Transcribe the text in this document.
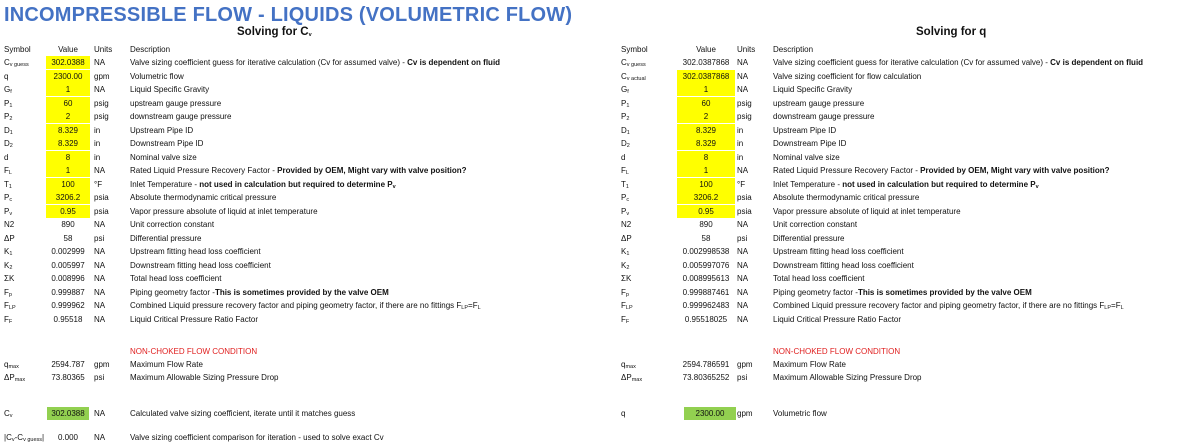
INCOMPRESSIBLE FLOW - LIQUIDS (VOLUMETRIC FLOW)
Solving for $C_v$
Symbol	Value	Units Description
$C_{v guess}$	302.0388	NA	Valve sizing coefficient guess for iterative calculation (Cv for assumed valve) - Cv is dependent on fluid
q	2300.00	gpm	Volumetric flow
$G_f$	1	NA	Liquid Specific Gravity
$P_1$	60	psig	upstream gauge pressure
$P_2$	2	psig	downstream gauge pressure
$D_1$	8.329	in	Upstream Pipe ID
$D_2$	8.329	in	Downstream Pipe ID
d	8	in	Nominal valve size
$F_L$	1	NA	Rated Liquid Pressure Recovery Factor - Provided by OEM, Might vary with valve position?
$T_1$	100	°F	Inlet Temperature - not used in calculation but required to determine $P_v$
$P_c$	3206.2	psia	Absolute thermodynamic critical pressure
$P_v$	0.95	psia	Vapor pressure absolute of liquid at inlet temperature
N2	890	NA	Unit correction constant
ΔP	58	psi	Differential pressure
$K_1$	0.002999	NA	Upstream fitting head loss coefficient
$K_2$	0.005997	NA	Downstream fitting head loss coefficient
ΣK	0.008996	NA	Total head loss coefficient
$F_p$	0.999887	NA	Piping geometry factor -This is sometimes provided by the valve OEM
$F_{LP}$	0.999962	NA	Combined Liquid pressure recovery factor and piping geometry factor, if there are no fittings $F_{LP}=F_L$
$F_F$	0.95518	NA	Liquid Critical Pressure Ratio Factor
NON-CHOKED FLOW CONDITION
$q_{max}$	2594.787	gpm	Maximum Flow Rate
$\Delta P_{max}$	73.80365	psi	Maximum Allowable Sizing Pressure Drop
$C_v$	302.0388	NA	Calculated valve sizing coefficient, iterate until it matches guess
$|C_v-C_{v guess}|$	0.000	NA	Valve sizing coefficient comparison for iteration - used to solve exact Cv
Solving for q
Symbol	Value	Units Description
$C_{v guess}$	302.0387868 NA	Valve sizing coefficient guess for iterative calculation (Cv for assumed valve) - Cv is dependent on fluid
$C_{v actual}$	302.0387868 NA	Valve sizing coefficient for flow calculation
$G_f$	1	NA	Liquid Specific Gravity
$P_1$	60	psig	upstream gauge pressure
$P_2$	2	psig	downstream gauge pressure
$D_1$	8.329	in	Upstream Pipe ID
$D_2$	8.329	in	Downstream Pipe ID
d	8	in	Nominal valve size
$F_L$	1	NA	Rated Liquid Pressure Recovery Factor - Provided by OEM, Might vary with valve position?
$T_1$	100	°F	Inlet Temperature - not used in calculation but required to determine $P_v$
$P_c$	3206.2	psia	Absolute thermodynamic critical pressure
$P_v$	0.95	psia	Vapor pressure absolute of liquid at inlet temperature
N2	890	NA	Unit correction constant
ΔP	58	psi	Differential pressure
$K_1$	0.002998538 NA	Upstream fitting head loss coefficient
$K_2$	0.005997076 NA	Downstream fitting head loss coefficient
ΣK	0.008995613 NA	Total head loss coefficient
$F_p$	0.999887461 NA	Piping geometry factor -This is sometimes provided by the valve OEM
$F_{LP}$	0.999962483 NA	Combined Liquid pressure recovery factor and piping geometry factor, if there are no fittings $F_{LP}=F_L$
$F_F$	0.95518025	NA	Liquid Critical Pressure Ratio Factor
NON-CHOKED FLOW CONDITION
$q_{max}$	2594.786591 gpm	Maximum Flow Rate
$\Delta P_{max}$	73.80365252 psi	Maximum Allowable Sizing Pressure Drop
q	2300.00	gpm	Volumetric flow
